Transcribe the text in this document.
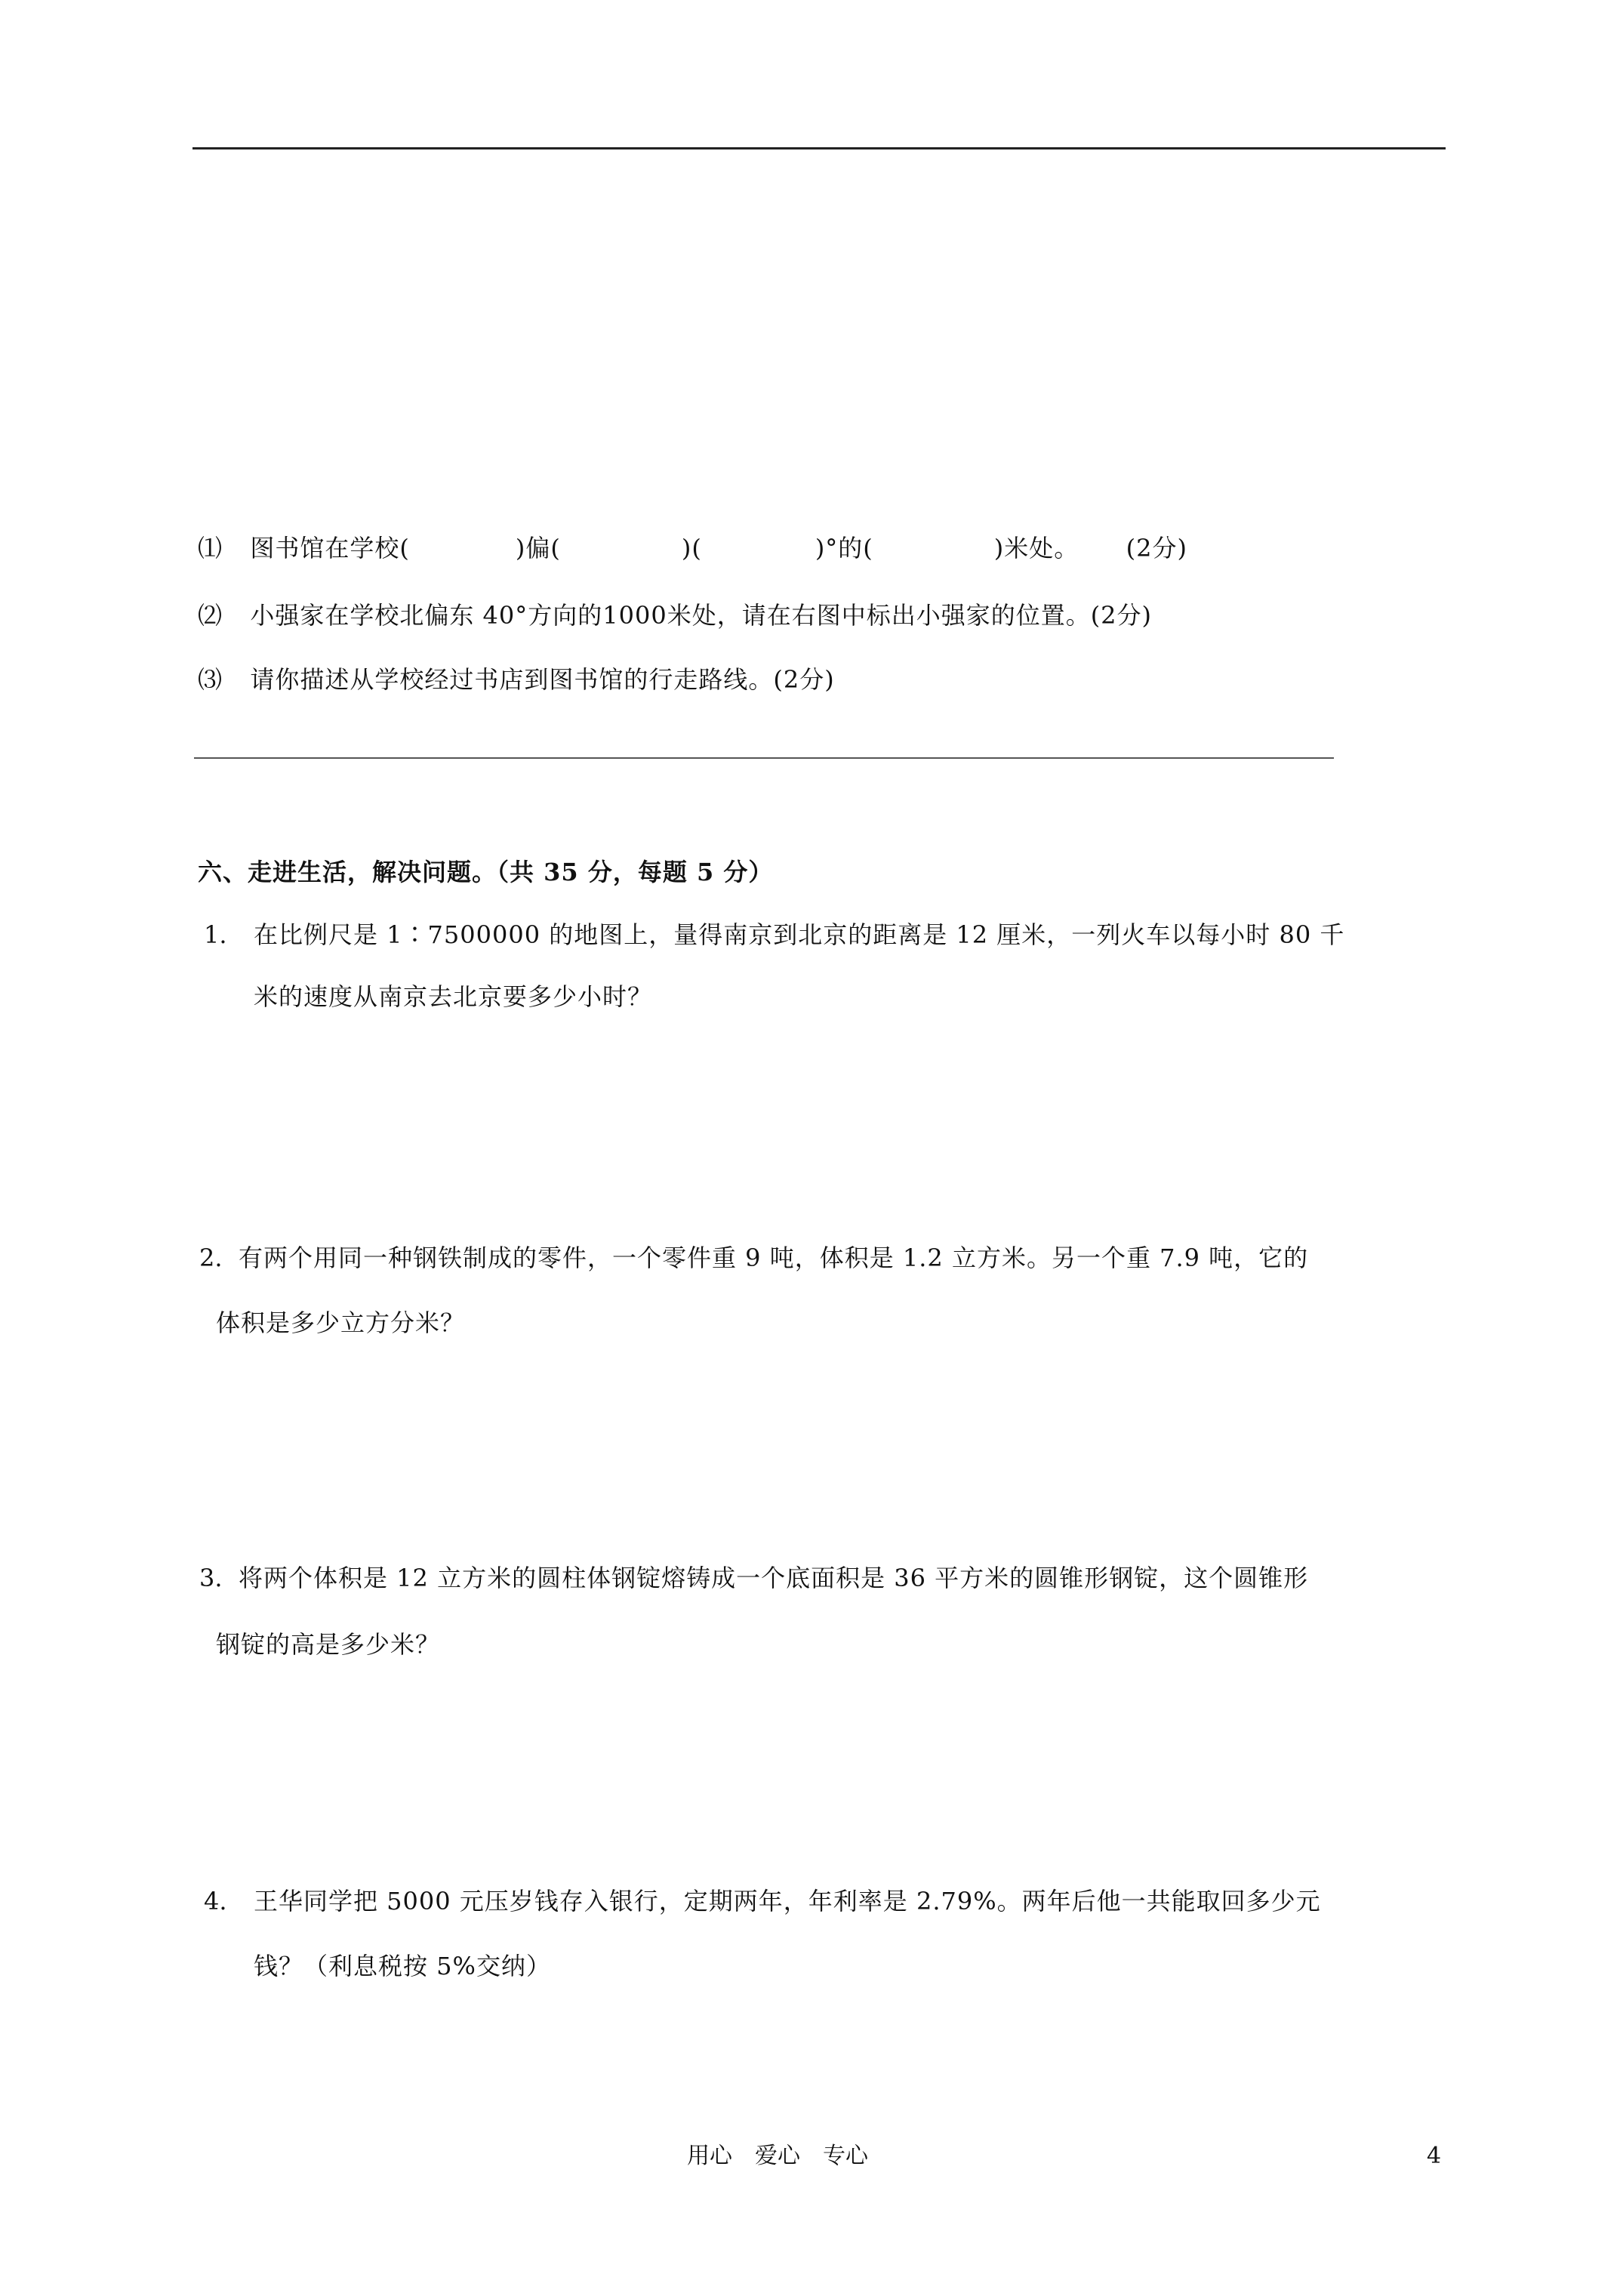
⑴ 图书馆在学校(	)偏(	)(	)°的(	)米处。 (2分)
⑵ 小强家在学校北偏东 40°方向的1000米处，请在右图中标出小强家的位置。(2分)
⑶ 请你描述从学校经过书店到图书馆的行走路线。(2分)
六、走进生活，解决问题。（共 35 分，每题 5 分）
1. 在比例尺是 1∶7500000 的地图上，量得南京到北京的距离是 12 厘米，一列火车以每小时 80 千
米的速度从南京去北京要多少小时？
2. 有两个用同一种钢铁制成的零件，一个零件重 9 吨，体积是 1.2 立方米。另一个重 7.9 吨，它的
体积是多少立方分米？
3. 将两个体积是 12 立方米的圆柱体钢锭熔铸成一个底面积是 36 平方米的圆锥形钢锭，这个圆锥形
钢锭的高是多少米？
4. 王华同学把 5000 元压岁钱存入银行，定期两年，年利率是 2.79%。两年后他一共能取回多少元
钱？（利息税按 5%交纳）
用心　爱心　专心	4
